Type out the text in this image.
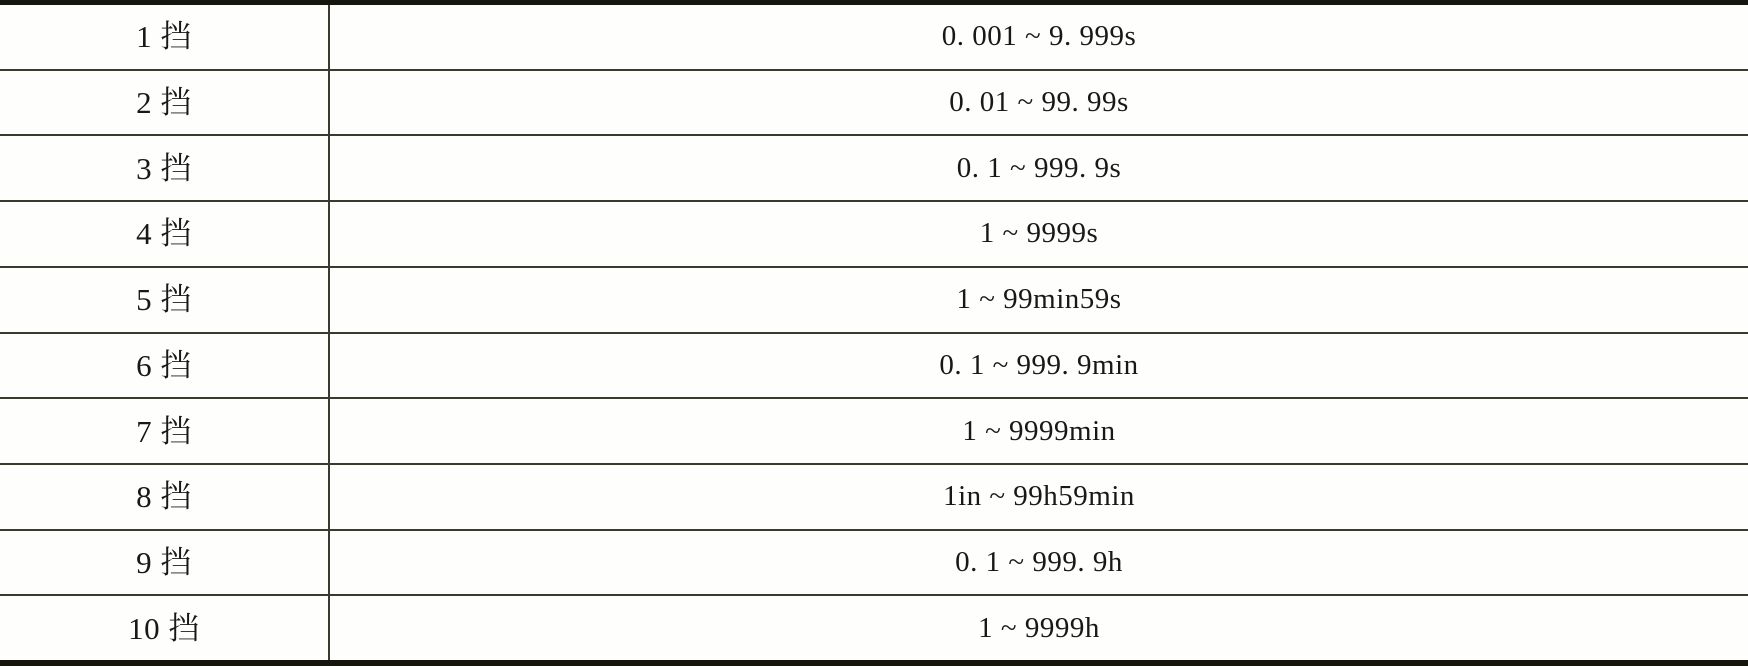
1 挡	0. 001 ~ 9. 999s
2 挡	0. 01 ~ 99. 99s
3 挡	0. 1 ~ 999. 9s
4 挡	1 ~ 9999s
5 挡	1 ~ 99min59s
6 挡	0. 1 ~ 999. 9min
7 挡	1 ~ 9999min
8 挡	1in ~ 99h59min
9 挡	0. 1 ~ 999. 9h
10 挡	1 ~ 9999h
